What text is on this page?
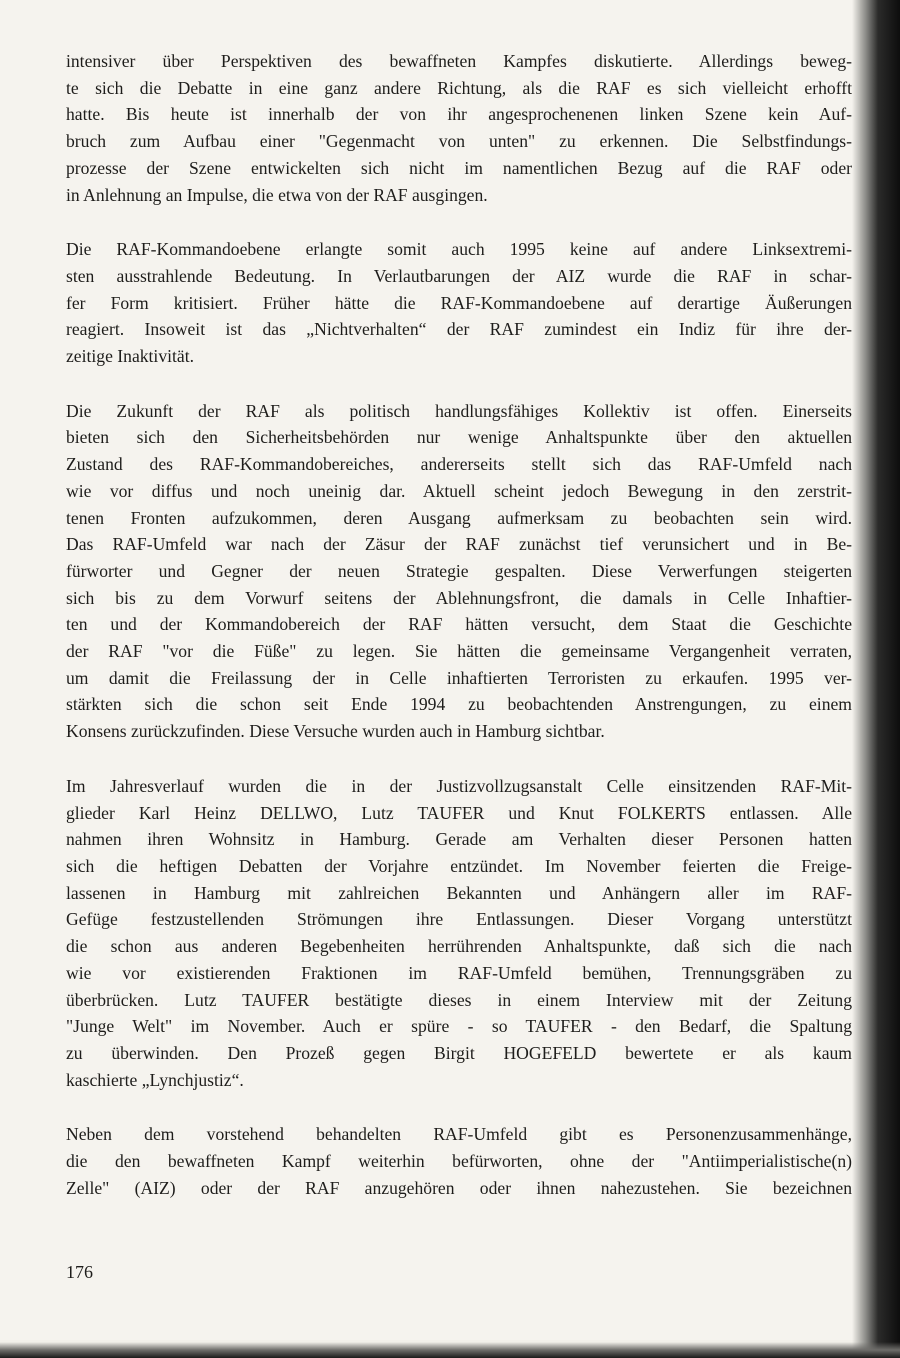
intensiver über Perspektiven des bewaffneten Kampfes diskutierte. Allerdings beweg-
te sich die Debatte in eine ganz andere Richtung, als die RAF es sich vielleicht erhofft
hatte. Bis heute ist innerhalb der von ihr angesprochenenen linken Szene kein Auf-
bruch zum Aufbau einer "Gegenmacht von unten" zu erkennen. Die Selbstfindungs-
prozesse der Szene entwickelten sich nicht im namentlichen Bezug auf die RAF oder
in Anlehnung an Impulse, die etwa von der RAF ausgingen.

Die RAF-Kommandoebene erlangte somit auch 1995 keine auf andere Linksextremi-
sten ausstrahlende Bedeutung. In Verlautbarungen der AIZ wurde die RAF in schar-
fer Form kritisiert. Früher hätte die RAF-Kommandoebene auf derartige Äußerungen
reagiert. Insoweit ist das „Nichtverhalten“ der RAF zumindest ein Indiz für ihre der-
zeitige Inaktivität.

Die Zukunft der RAF als politisch handlungsfähiges Kollektiv ist offen. Einerseits
bieten sich den Sicherheitsbehörden nur wenige Anhaltspunkte über den aktuellen
Zustand des RAF-Kommandobereiches, andererseits stellt sich das RAF-Umfeld nach
wie vor diffus und noch uneinig dar. Aktuell scheint jedoch Bewegung in den zerstrit-
tenen Fronten aufzukommen, deren Ausgang aufmerksam zu beobachten sein wird.
Das RAF-Umfeld war nach der Zäsur der RAF zunächst tief verunsichert und in Be-
fürworter und Gegner der neuen Strategie gespalten. Diese Verwerfungen steigerten
sich bis zu dem Vorwurf seitens der Ablehnungsfront, die damals in Celle Inhaftier-
ten und der Kommandobereich der RAF hätten versucht, dem Staat die Geschichte
der RAF "vor die Füße" zu legen. Sie hätten die gemeinsame Vergangenheit verraten,
um damit die Freilassung der in Celle inhaftierten Terroristen zu erkaufen. 1995 ver-
stärkten sich die schon seit Ende 1994 zu beobachtenden Anstrengungen, zu einem
Konsens zurückzufinden. Diese Versuche wurden auch in Hamburg sichtbar.

Im Jahresverlauf wurden die in der Justizvollzugsanstalt Celle einsitzenden RAF-Mit-
glieder Karl Heinz DELLWO, Lutz TAUFER und Knut FOLKERTS entlassen. Alle
nahmen ihren Wohnsitz in Hamburg. Gerade am Verhalten dieser Personen hatten
sich die heftigen Debatten der Vorjahre entzündet. Im November feierten die Freige-
lassenen in Hamburg mit zahlreichen Bekannten und Anhängern aller im RAF-
Gefüge festzustellenden Strömungen ihre Entlassungen. Dieser Vorgang unterstützt
die schon aus anderen Begebenheiten herrührenden Anhaltspunkte, daß sich die nach
wie vor existierenden Fraktionen im RAF-Umfeld bemühen, Trennungsgräben zu
überbrücken. Lutz TAUFER bestätigte dieses in einem Interview mit der Zeitung
"Junge Welt" im November. Auch er spüre - so TAUFER - den Bedarf, die Spaltung
zu überwinden. Den Prozeß gegen Birgit HOGEFELD bewertete er als kaum
kaschierte „Lynchjustiz“.

Neben dem vorstehend behandelten RAF-Umfeld gibt es Personenzusammenhänge,
die den bewaffneten Kampf weiterhin befürworten, ohne der "Antiimperialistische(n)
Zelle" (AIZ) oder der RAF anzugehören oder ihnen nahezustehen. Sie bezeichnen

176
